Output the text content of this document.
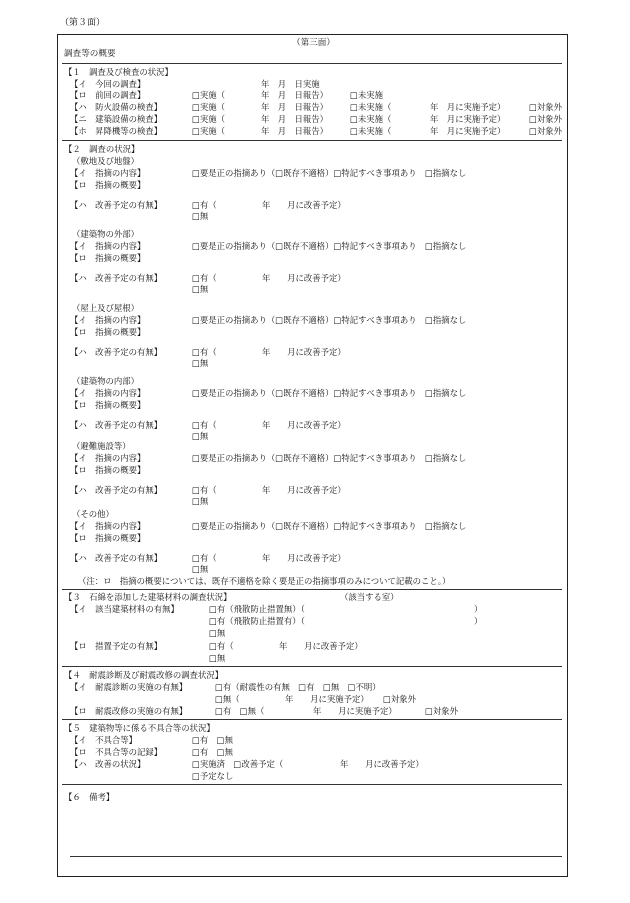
（第３面）
（第三面）
調査等の概要
【１　調査及び検査の状況】
【イ　今回の調査】	年　月　日実施
【ロ　前回の調査】	□実施（	年　月　日報告）	□未実施
【ハ　防火設備の検査】	□実施（	年　月　日報告）	□未実施（	年　月に実施予定）	□対象外
【ニ　建築設備の検査】	□実施（	年　月　日報告）	□未実施（	年　月に実施予定）	□対象外
【ホ　昇降機等の検査】	□実施（	年　月　日報告）	□未実施（	年　月に実施予定）	□対象外
【２　調査の状況】
（敷地及び地盤）
【イ　指摘の内容】	□要是正の指摘あり（□既存不適格）□特記すべき事項あり　□指摘なし
【ロ　指摘の概要】
【ハ　改善予定の有無】	□有（	年　　月に改善予定）
□無
（建築物の外部）
【イ　指摘の内容】	□要是正の指摘あり（□既存不適格）□特記すべき事項あり　□指摘なし
【ロ　指摘の概要】
【ハ　改善予定の有無】	□有（	年　　月に改善予定）
□無
（屋上及び屋根）
【イ　指摘の内容】	□要是正の指摘あり（□既存不適格）□特記すべき事項あり　□指摘なし
【ロ　指摘の概要】
【ハ　改善予定の有無】	□有（	年　　月に改善予定）
□無
（建築物の内部）
【イ　指摘の内容】	□要是正の指摘あり（□既存不適格）□特記すべき事項あり　□指摘なし
【ロ　指摘の概要】
【ハ　改善予定の有無】	□有（	年　　月に改善予定）
□無
（避難施設等）
【イ　指摘の内容】	□要是正の指摘あり（□既存不適格）□特記すべき事項あり　□指摘なし
【ロ　指摘の概要】
【ハ　改善予定の有無】	□有（	年　　月に改善予定）
□無
（その他）
【イ　指摘の内容】	□要是正の指摘あり（□既存不適格）□特記すべき事項あり　□指摘なし
【ロ　指摘の概要】
【ハ　改善予定の有無】	□有（	年　　月に改善予定）
□無
（注：ロ　指摘の概要については、既存不適格を除く要是正の指摘事項のみについて記載のこと。）
【３　石綿を添加した建築材料の調査状況】	（該当する室）
【イ　該当建築材料の有無】	□有（飛散防止措置無）（	）
□有（飛散防止措置有）（	）
□無
【ロ　措置予定の有無】	□有（	年　　月に改善予定）
□無
【４　耐震診断及び耐震改修の調査状況】
【イ　耐震診断の実施の有無】	□有（耐震性の有無　□有　□無　□不明）
□無（	年　　月に実施予定） □対象外
【ロ　耐震改修の実施の有無】	□有　□無（	年　　月に実施予定）	□対象外
【５　建築物等に係る不具合等の状況】
【イ　不具合等】	□有　□無
【ロ　不具合等の記録】	□有　□無
【ハ　改善の状況】	□実施済　□改善予定（	年　　月に改善予定）
□予定なし
【６　備考】
